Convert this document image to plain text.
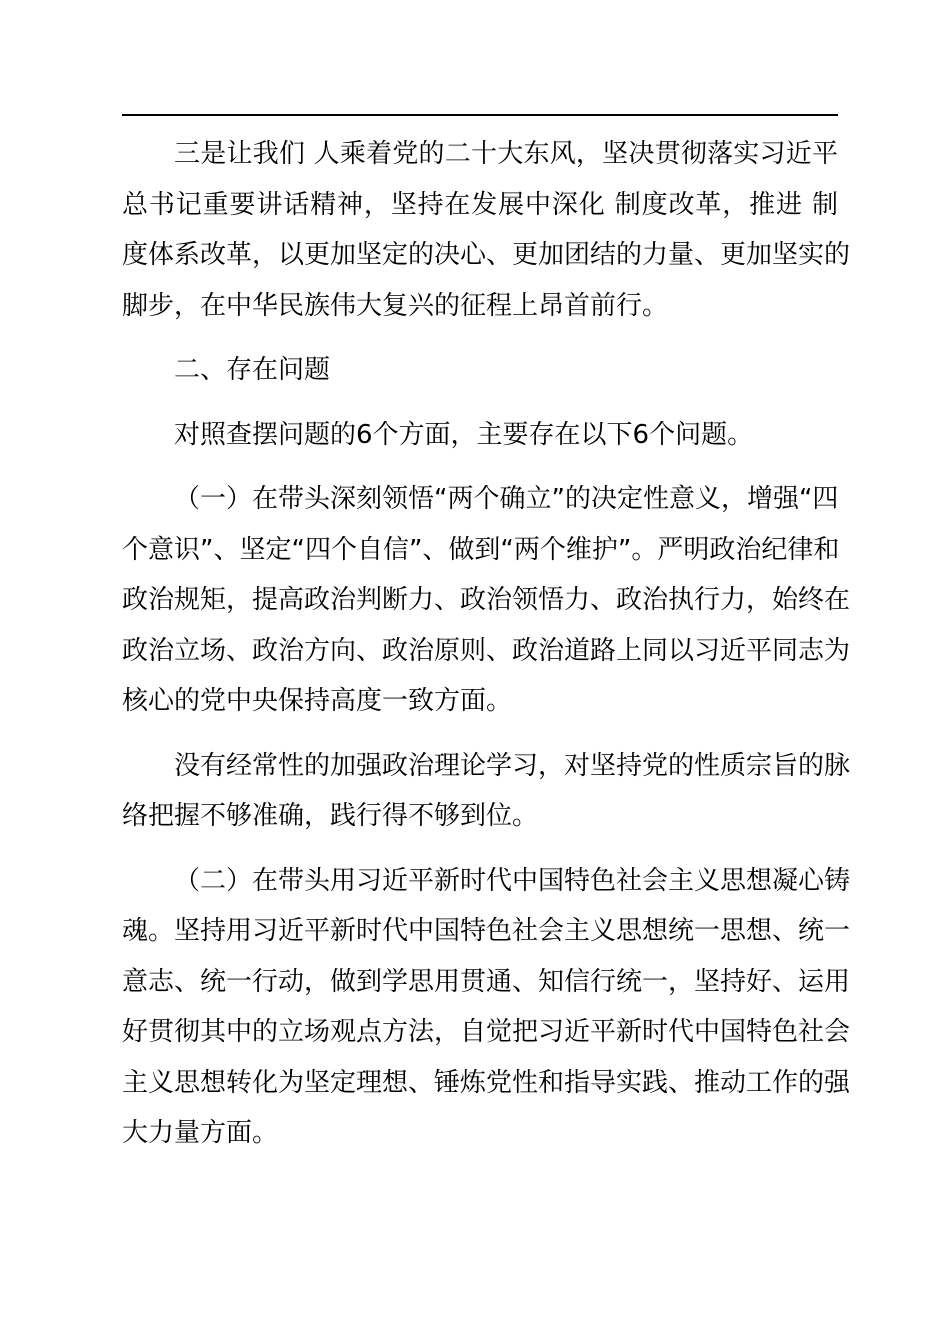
三是让我们 人乘着党的二十大东风，坚决贯彻落实习近平
总书记重要讲话精神，坚持在发展中深化 制度改革，推进 制
度体系改革，以更加坚定的决心、更加团结的力量、更加坚实的
脚步，在中华民族伟大复兴的征程上昂首前行。
二、存在问题
对照查摆问题的6个方面，主要存在以下6个问题。
（一）在带头深刻领悟“两个确立”的决定性意义，增强“四
个意识”、坚定“四个自信”、做到“两个维护”。严明政治纪律和
政治规矩，提高政治判断力、政治领悟力、政治执行力，始终在
政治立场、政治方向、政治原则、政治道路上同以习近平同志为
核心的党中央保持高度一致方面。
没有经常性的加强政治理论学习，对坚持党的性质宗旨的脉
络把握不够准确，践行得不够到位。
（二）在带头用习近平新时代中国特色社会主义思想凝心铸
魂。坚持用习近平新时代中国特色社会主义思想统一思想、统一
意志、统一行动，做到学思用贯通、知信行统一，坚持好、运用
好贯彻其中的立场观点方法，自觉把习近平新时代中国特色社会
主义思想转化为坚定理想、锤炼党性和指导实践、推动工作的强
大力量方面。
